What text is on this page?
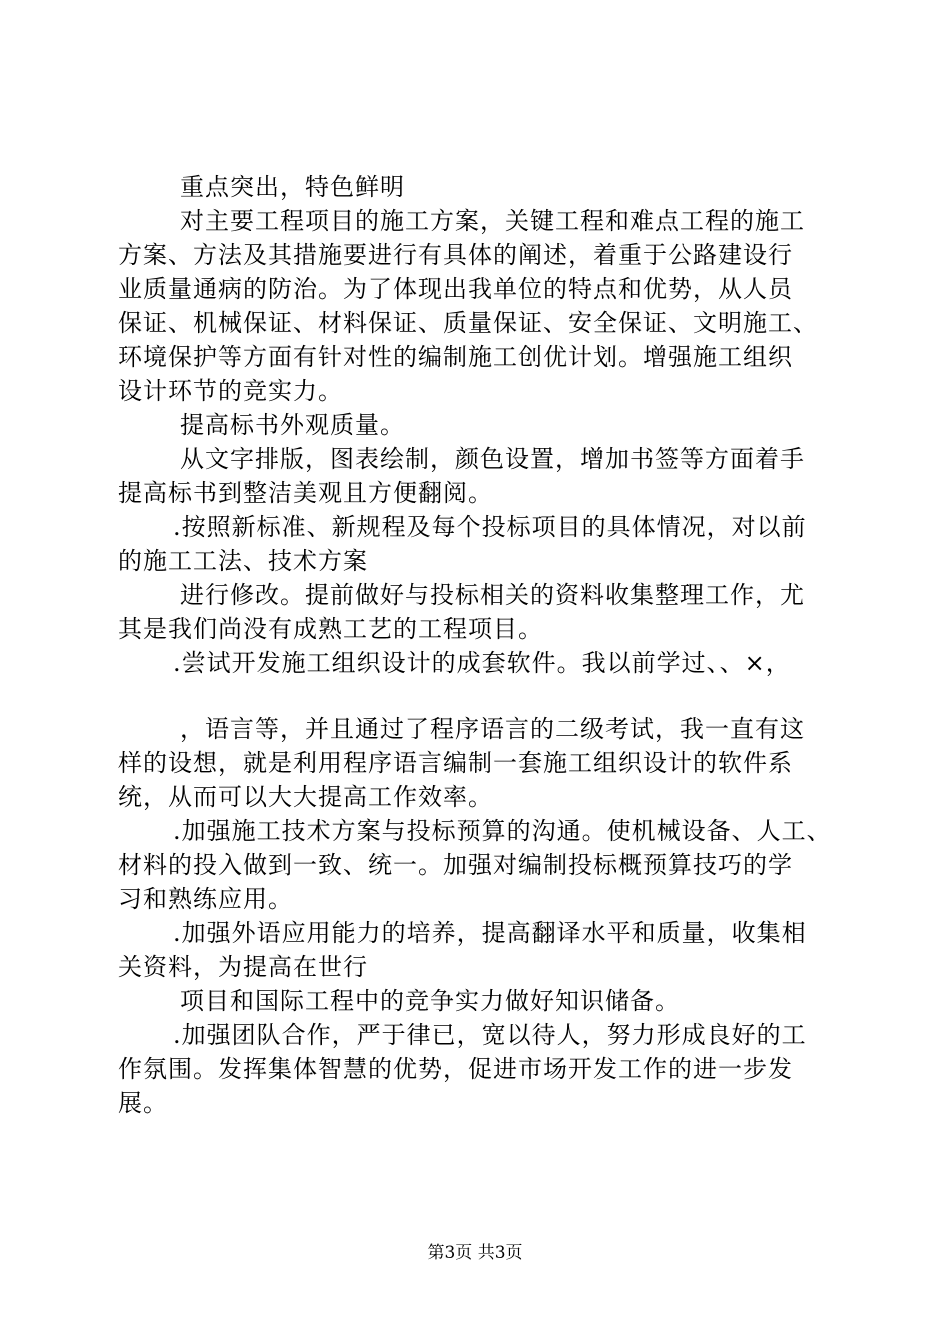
重点突出，特色鲜明
对主要工程项目的施工方案，关键工程和难点工程的施工
方案、方法及其措施要进行有具体的阐述，着重于公路建设行
业质量通病的防治。为了体现出我单位的特点和优势，从人员
保证、机械保证、材料保证、质量保证、安全保证、文明施工、
环境保护等方面有针对性的编制施工创优计划。增强施工组织
设计环节的竞实力。
提高标书外观质量。
从文字排版，图表绘制，颜色设置，增加书签等方面着手
提高标书到整洁美观且方便翻阅。
.按照新标准、新规程及每个投标项目的具体情况，对以前
的施工工法、技术方案
进行修改。提前做好与投标相关的资料收集整理工作，尤
其是我们尚没有成熟工艺的工程项目。
.尝试开发施工组织设计的成套软件。我以前学过、、×，
，语言等，并且通过了程序语言的二级考试，我一直有这
样的设想，就是利用程序语言编制一套施工组织设计的软件系
统，从而可以大大提高工作效率。
.加强施工技术方案与投标预算的沟通。使机械设备、人工、
材料的投入做到一致、统一。加强对编制投标概预算技巧的学
习和熟练应用。
.加强外语应用能力的培养，提高翻译水平和质量，收集相
关资料，为提高在世行
项目和国际工程中的竞争实力做好知识储备。
.加强团队合作，严于律已，宽以待人，努力形成良好的工
作氛围。发挥集体智慧的优势，促进市场开发工作的进一步发
展。
第3页 共3页
